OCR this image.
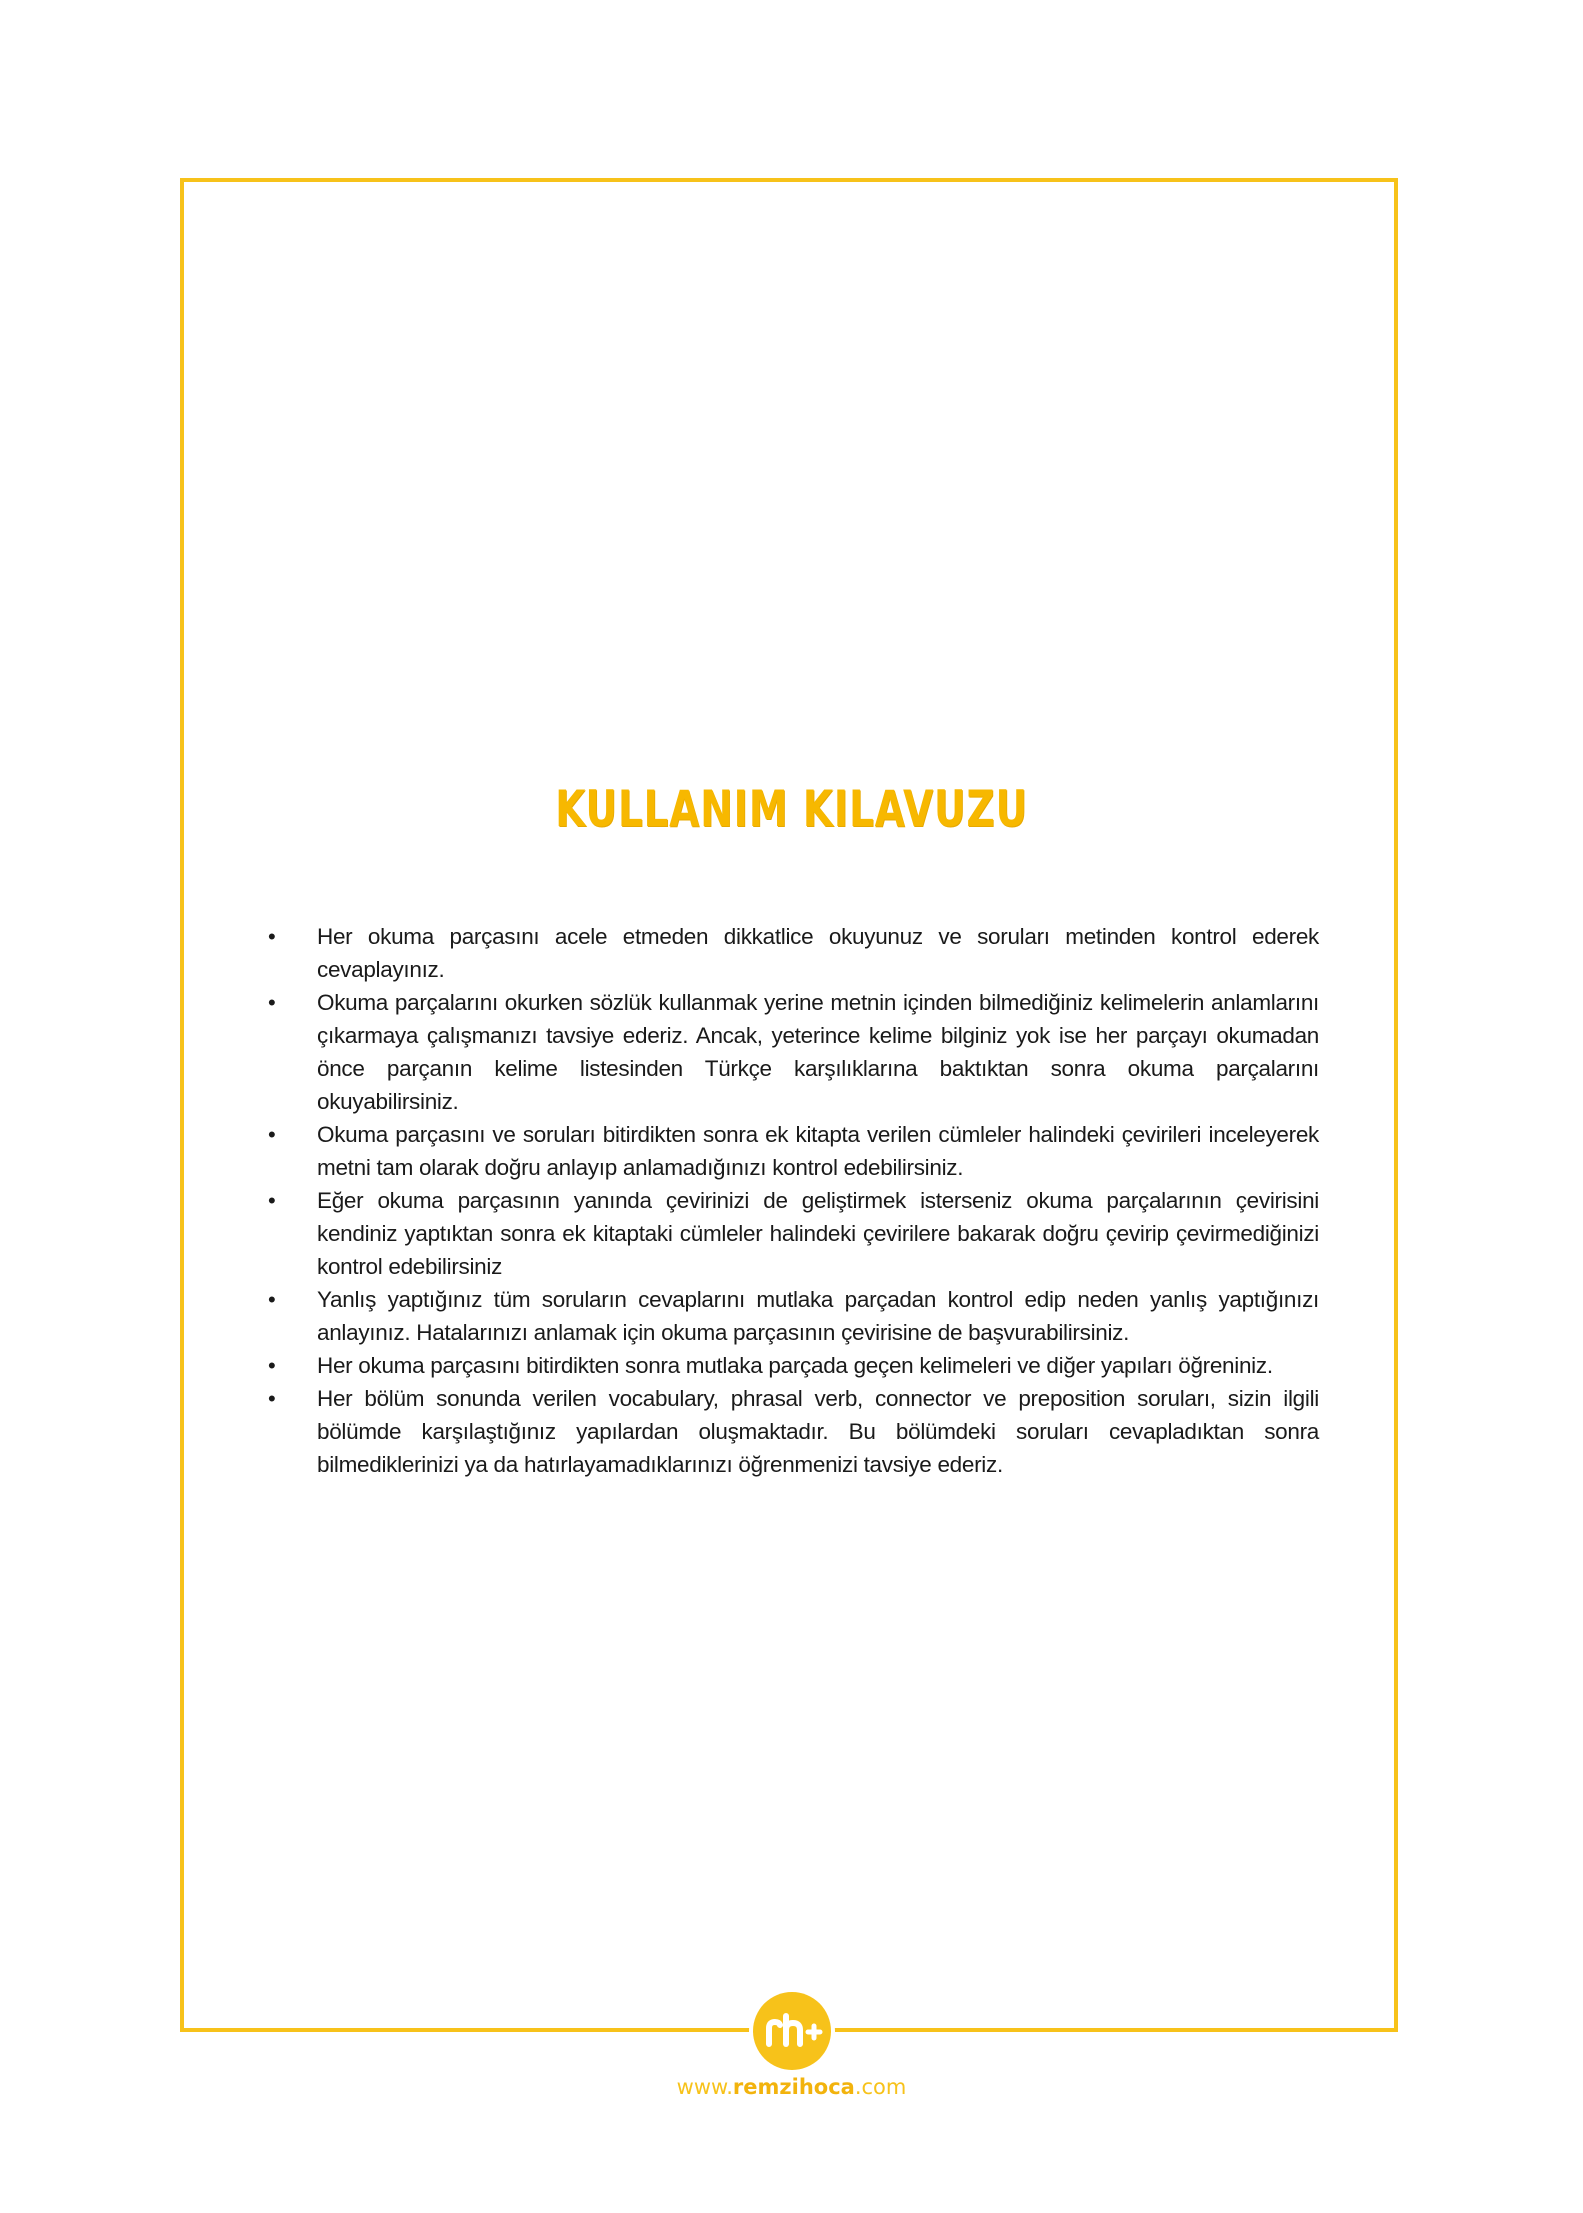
KULLANIM KILAVUZU
• Her okuma parçasını acele etmeden dikkatlice okuyunuz ve soruları metinden kontrol ederek cevaplayınız.
• Okuma parçalarını okurken sözlük kullanmak yerine metnin içinden bilmediğiniz kelimelerin anlamlarını çıkarmaya çalışmanızı tavsiye ederiz. Ancak, yeterince kelime bilginiz yok ise her parçayı okumadan önce parçanın kelime listesinden Türkçe karşılıklarına baktıktan sonra okuma parçalarını okuyabilirsiniz.
• Okuma parçasını ve soruları bitirdikten sonra ek kitapta verilen cümleler halindeki çevirileri inceleyerek metni tam olarak doğru anlayıp anlamadığınızı kontrol edebilirsiniz.
• Eğer okuma parçasının yanında çevirinizi de geliştirmek isterseniz okuma parçalarının çevirisini kendiniz yaptıktan sonra ek kitaptaki cümleler halindeki çevirilere bakarak doğru çevirip çevirmediğinizi kontrol edebilirsiniz
• Yanlış yaptığınız tüm soruların cevaplarını mutlaka parçadan kontrol edip neden yanlış yaptığınızı anlayınız. Hatalarınızı anlamak için okuma parçasının çevirisine de başvurabilirsiniz.
• Her okuma parçasını bitirdikten sonra mutlaka parçada geçen kelimeleri ve diğer yapıları öğreniniz.
• Her bölüm sonunda verilen vocabulary, phrasal verb, connector ve preposition soruları, sizin ilgili bölümde karşılaştığınız yapılardan oluşmaktadır. Bu bölümdeki soruları cevapladıktan sonra bilmediklerinizi ya da hatırlayamadıklarınızı öğrenmenizi tavsiye ederiz.
www.remzihoca.com
